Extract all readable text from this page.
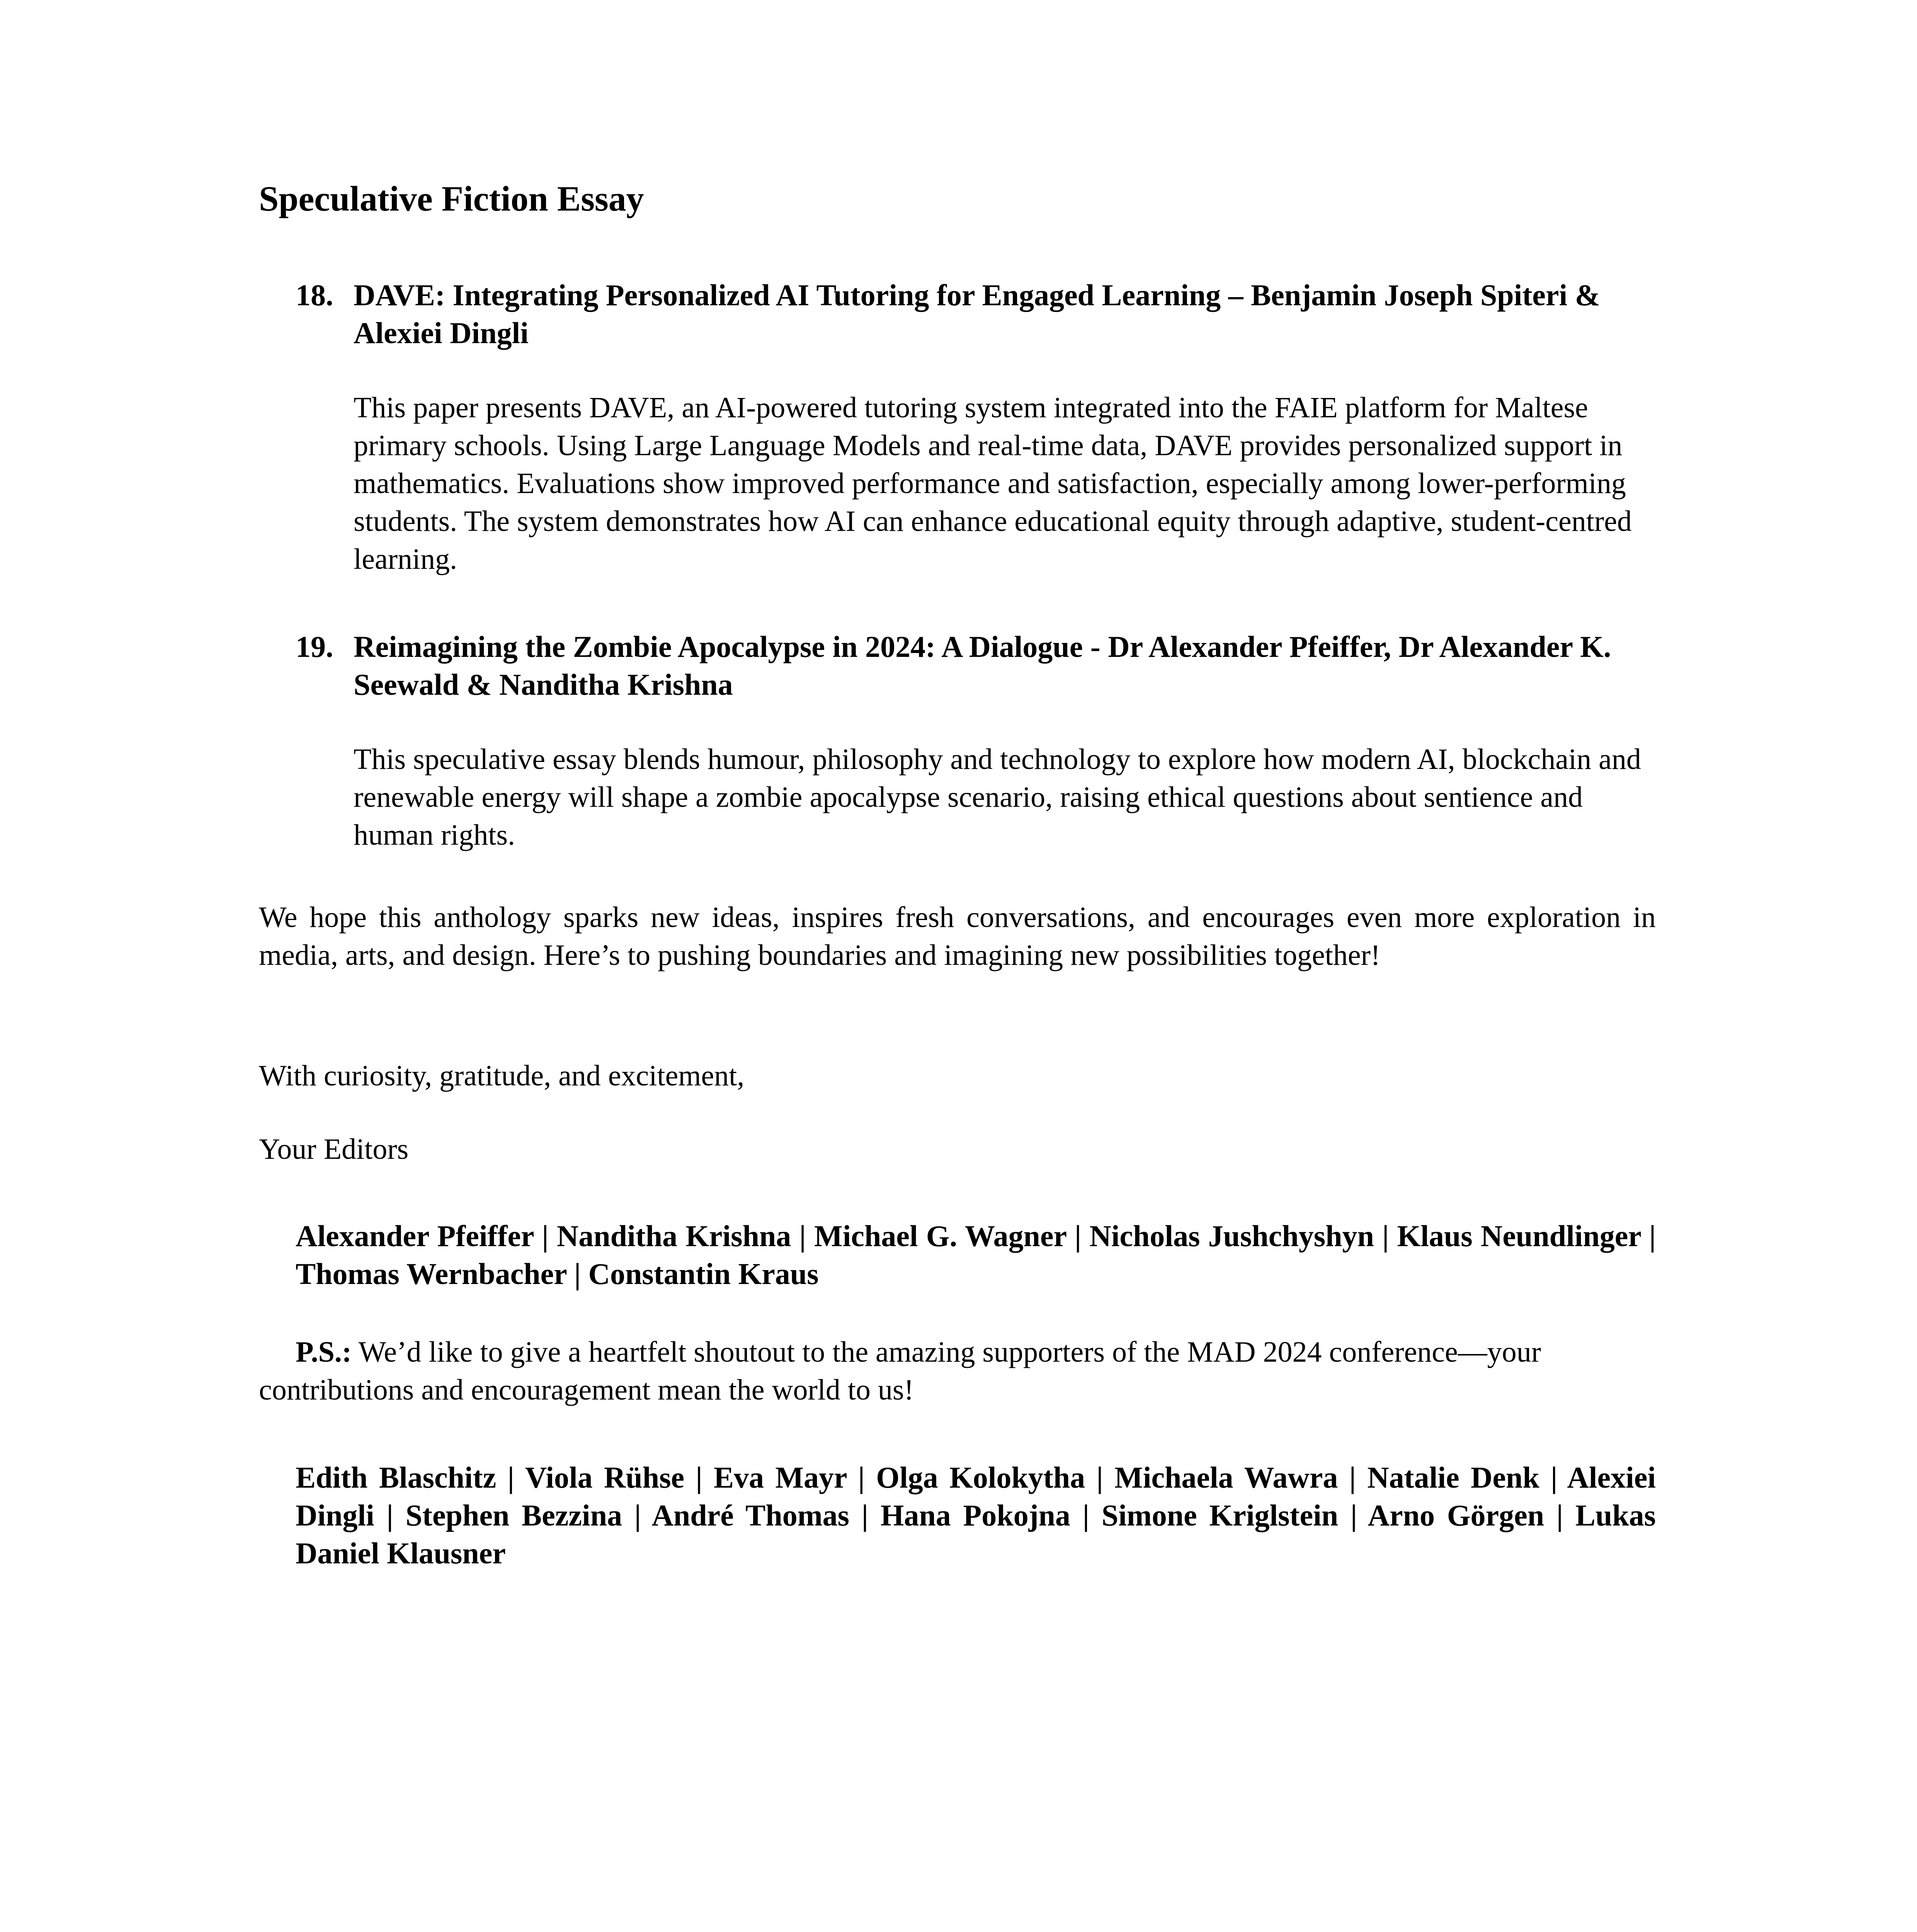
Speculative Fiction Essay
18. DAVE: Integrating Personalized AI Tutoring for Engaged Learning – Benjamin Joseph Spiteri & Alexiei Dingli
This paper presents DAVE, an AI-powered tutoring system integrated into the FAIE platform for Maltese primary schools. Using Large Language Models and real-time data, DAVE provides personalized support in mathematics. Evaluations show improved performance and satisfaction, especially among lower-performing students. The system demonstrates how AI can enhance educational equity through adaptive, student-centred learning.
19. Reimagining the Zombie Apocalypse in 2024: A Dialogue - Dr Alexander Pfeiffer, Dr Alexander K. Seewald & Nanditha Krishna
This speculative essay blends humour, philosophy and technology to explore how modern AI, blockchain and renewable energy will shape a zombie apocalypse scenario, raising ethical questions about sentience and human rights.

We hope this anthology sparks new ideas, inspires fresh conversations, and encourages even more exploration in media, arts, and design. Here’s to pushing boundaries and imagining new possibilities together!

With curiosity, gratitude, and excitement,

Your Editors

Alexander Pfeiffer | Nanditha Krishna | Michael G. Wagner | Nicholas Jushchyshyn | Klaus Neundlinger | Thomas Wernbacher | Constantin Kraus

P.S.: We’d like to give a heartfelt shoutout to the amazing supporters of the MAD 2024 conference—your contributions and encouragement mean the world to us!

Edith Blaschitz | Viola Rühse | Eva Mayr | Olga Kolokytha | Michaela Wawra | Natalie Denk | Alexiei Dingli | Stephen Bezzina | André Thomas | Hana Pokojna | Simone Kriglstein | Arno Görgen | Lukas Daniel Klausner
